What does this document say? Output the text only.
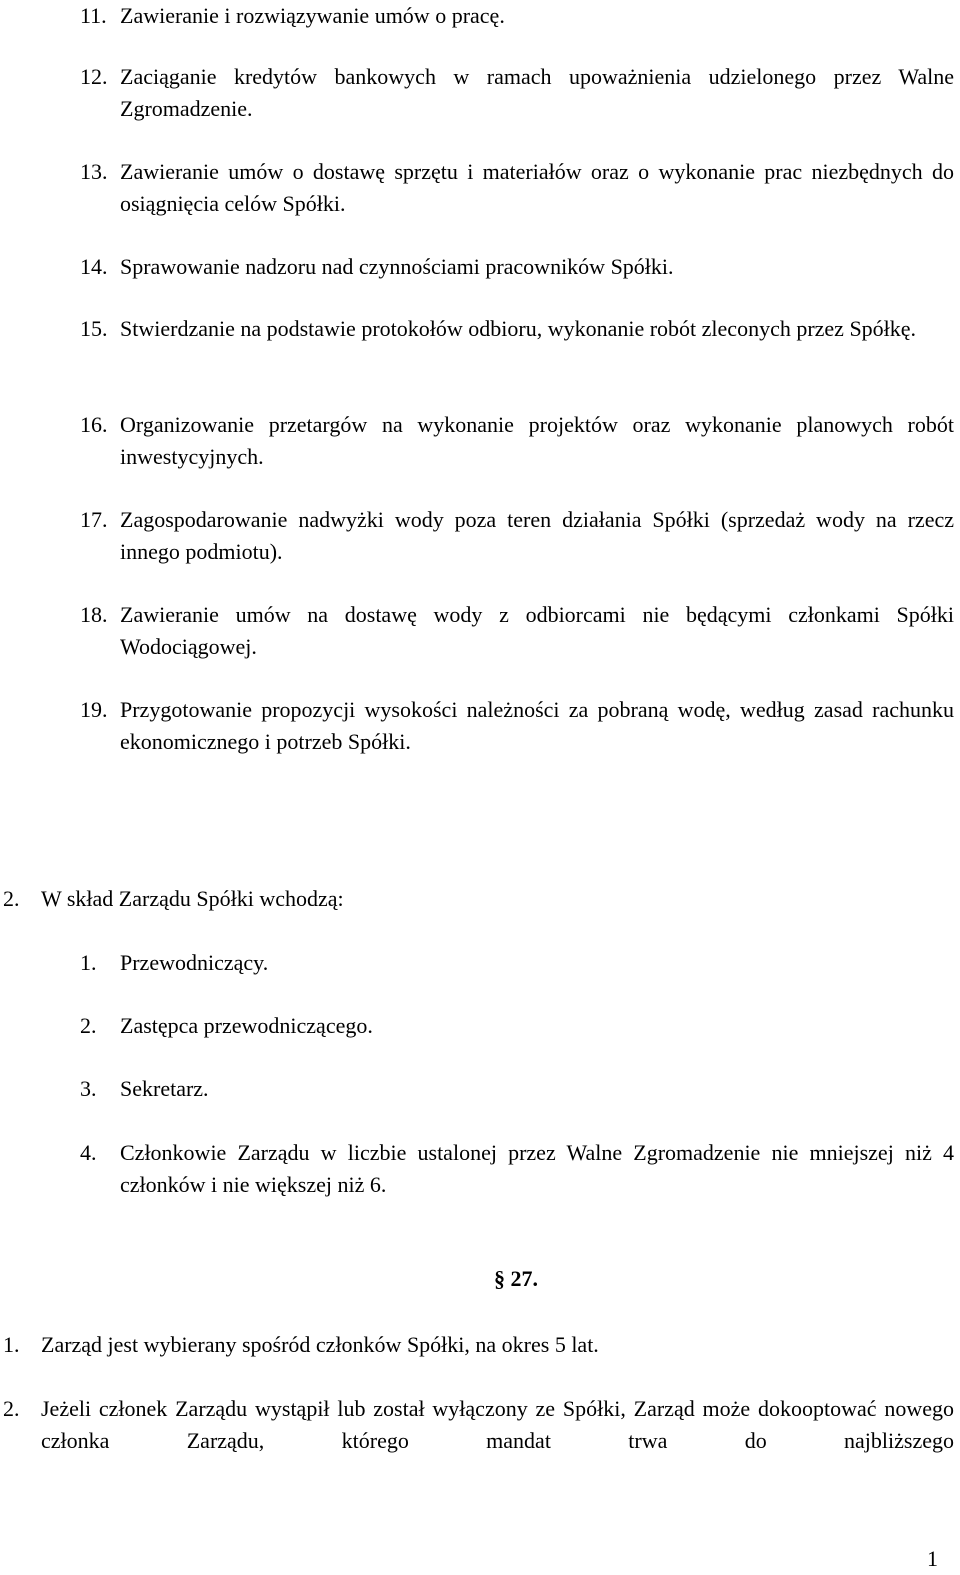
11. Zawieranie i rozwiązywanie umów o pracę.
12. Zaciąganie kredytów bankowych w ramach upoważnienia udzielonego przez Walne Zgromadzenie.
13. Zawieranie umów o dostawę sprzętu i materiałów oraz o wykonanie prac niezbędnych do osiągnięcia celów Spółki.
14. Sprawowanie nadzoru nad czynnościami pracowników Spółki.
15. Stwierdzanie na podstawie protokołów odbioru, wykonanie robót zleconych przez Spółkę.
16. Organizowanie przetargów na wykonanie projektów oraz wykonanie planowych robót inwestycyjnych.
17. Zagospodarowanie nadwyżki wody poza teren działania Spółki (sprzedaż wody na rzecz innego podmiotu).
18. Zawieranie umów na dostawę wody z odbiorcami nie będącymi członkami Spółki Wodociągowej.
19. Przygotowanie propozycji wysokości należności za pobraną wodę, według zasad rachunku ekonomicznego i potrzeb Spółki.
2. W skład Zarządu Spółki wchodzą:
1. Przewodniczący.
2. Zastępca przewodniczącego.
3. Sekretarz.
4. Członkowie Zarządu w liczbie ustalonej przez Walne Zgromadzenie nie mniejszej niż 4 członków i nie większej niż 6.
§ 27.
1. Zarząd jest wybierany spośród członków Spółki, na okres 5 lat.
2. Jeżeli członek Zarządu wystąpił lub został wyłączony ze Spółki, Zarząd może dokooptować nowego członka Zarządu, którego mandat trwa do najbliższego
1
